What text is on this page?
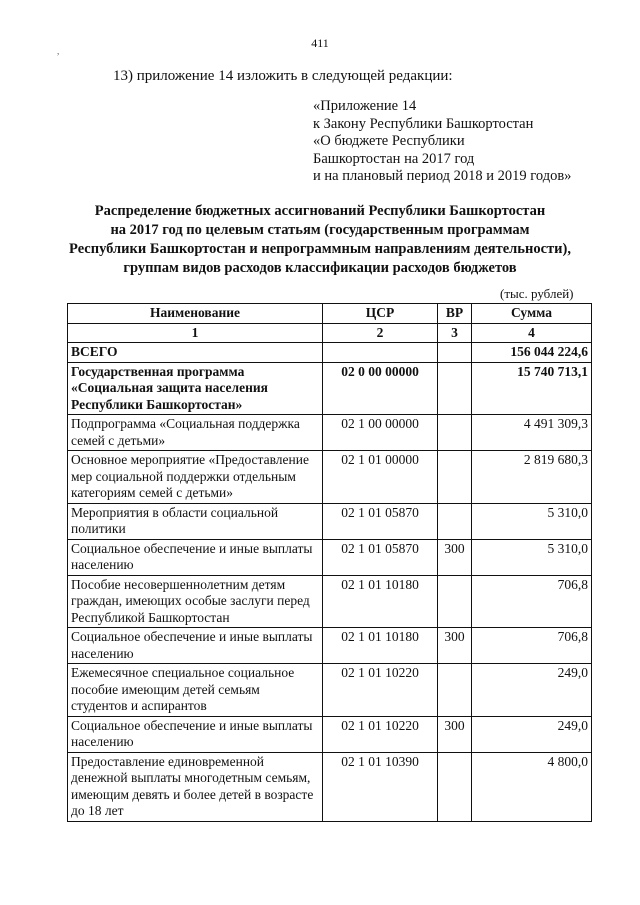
411
,
13) приложение 14 изложить в следующей редакции:
«Приложение 14
к Закону Республики Башкортостан
«О бюджете Республики
Башкортостан на 2017 год
и на плановый период 2018 и 2019 годов»
Распределение бюджетных ассигнований Республики Башкортостан
на 2017 год по целевым статьям (государственным программам
Республики Башкортостан и непрограммным направлениям деятельности),
группам видов расходов классификации расходов бюджетов
(тыс. рублей)
Наименование	ЦСР	ВР	Сумма
1	2	3	4
ВСЕГО			156 044 224,6
Государственная программа «Социальная защита населения Республики Башкортостан»	02 0 00 00000		15 740 713,1
Подпрограмма «Социальная поддержка семей с детьми»	02 1 00 00000		4 491 309,3
Основное мероприятие «Предоставление мер социальной поддержки отдельным категориям семей с детьми»	02 1 01 00000		2 819 680,3
Мероприятия в области социальной политики	02 1 01 05870		5 310,0
Социальное обеспечение и иные выплаты населению	02 1 01 05870	300	5 310,0
Пособие несовершеннолетним детям граждан, имеющих особые заслуги перед Республикой Башкортостан	02 1 01 10180		706,8
Социальное обеспечение и иные выплаты населению	02 1 01 10180	300	706,8
Ежемесячное специальное социальное пособие имеющим детей семьям студентов и аспирантов	02 1 01 10220		249,0
Социальное обеспечение и иные выплаты населению	02 1 01 10220	300	249,0
Предоставление единовременной денежной выплаты многодетным семьям, имеющим девять и более детей в возрасте до 18 лет	02 1 01 10390		4 800,0
